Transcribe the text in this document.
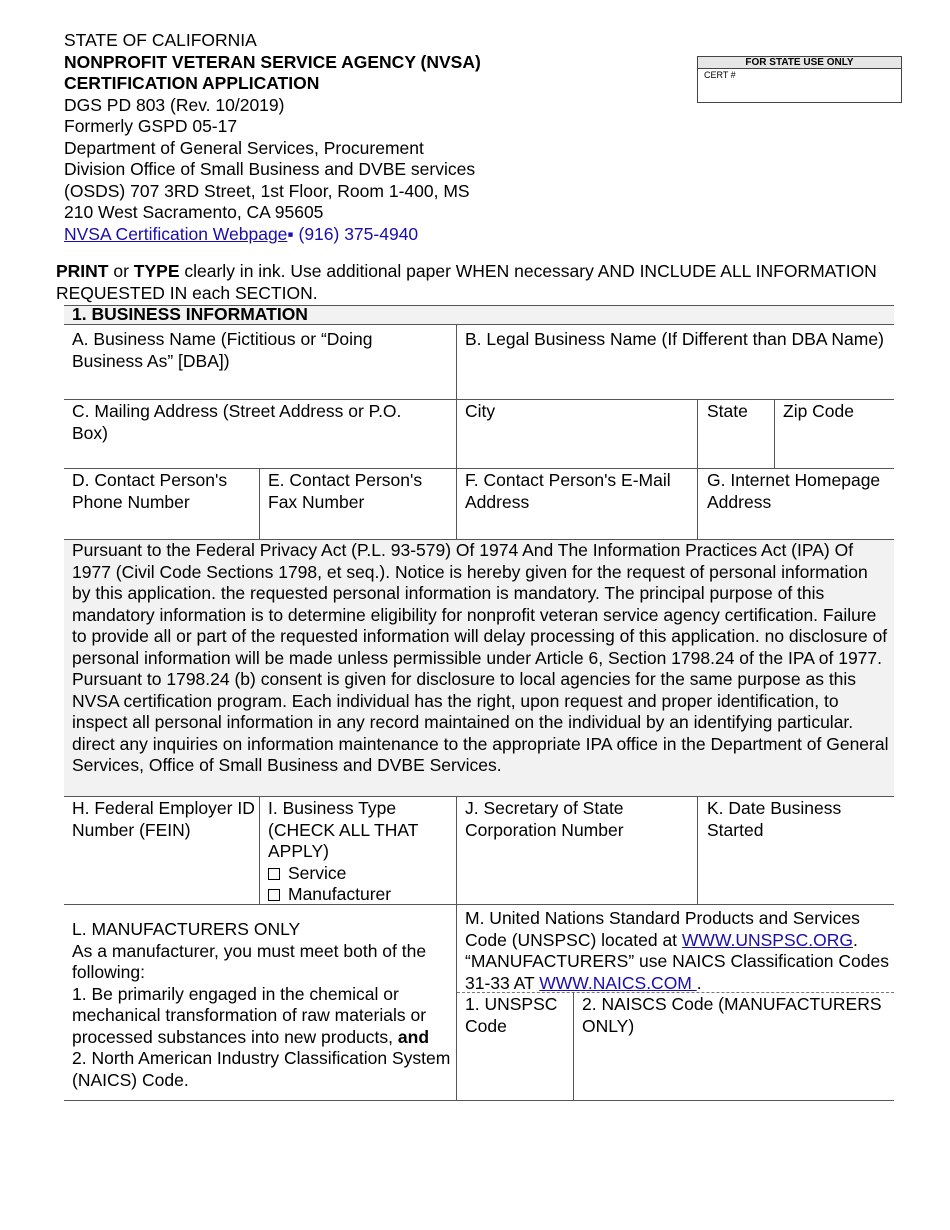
STATE OF CALIFORNIA
NONPROFIT VETERAN SERVICE AGENCY (NVSA)
CERTIFICATION APPLICATION
DGS PD 803 (Rev. 10/2019)
Formerly GSPD 05-17
Department of General Services, Procurement
Division Office of Small Business and DVBE services
(OSDS) 707 3RD Street, 1st Floor, Room 1-400, MS
210 West Sacramento, CA 95605
NVSA Certification Webpage▪ (916) 375-4940
FOR STATE USE ONLY
CERT #
PRINT or TYPE clearly in ink. Use additional paper WHEN necessary AND INCLUDE ALL INFORMATION REQUESTED IN each SECTION.
1. BUSINESS INFORMATION
A. Business Name (Fictitious or “Doing Business As” [DBA])
B. Legal Business Name (If Different than DBA Name)
C. Mailing Address (Street Address or P.O. Box)
City	State Zip Code
D. Contact Person's Phone Number
E. Contact Person's Fax Number
F. Contact Person's E-Mail Address
G. Internet Homepage Address
Pursuant to the Federal Privacy Act (P.L. 93-579) Of 1974 And The Information Practices Act (IPA) Of 1977 (Civil Code Sections 1798, et seq.). Notice is hereby given for the request of personal information by this application. the requested personal information is mandatory. The principal purpose of this mandatory information is to determine eligibility for nonprofit veteran service agency certification. Failure to provide all or part of the requested information will delay processing of this application. no disclosure of personal information will be made unless permissible under Article 6, Section 1798.24 of the IPA of 1977. Pursuant to 1798.24 (b) consent is given for disclosure to local agencies for the same purpose as this NVSA certification program. Each individual has the right, upon request and proper identification, to inspect all personal information in any record maintained on the individual by an identifying particular. direct any inquiries on information maintenance to the appropriate IPA office in the Department of General Services, Office of Small Business and DVBE Services.
H. Federal Employer ID Number (FEIN)
I. Business Type (CHECK ALL THAT APPLY)
Service
Manufacturer
J. Secretary of State Corporation Number
K. Date Business Started
L. MANUFACTURERS ONLY
As a manufacturer, you must meet both of the following:
1. Be primarily engaged in the chemical or mechanical transformation of raw materials or processed substances into new products, and
2. North American Industry Classification System (NAICS) Code.
M. United Nations Standard Products and Services Code (UNSPSC) located at WWW.UNSPSC.ORG. “MANUFACTURERS” use NAICS Classification Codes 31-33 AT WWW.NAICS.COM .
1. UNSPSC Code
2. NAISCS Code (MANUFACTURERS ONLY)
